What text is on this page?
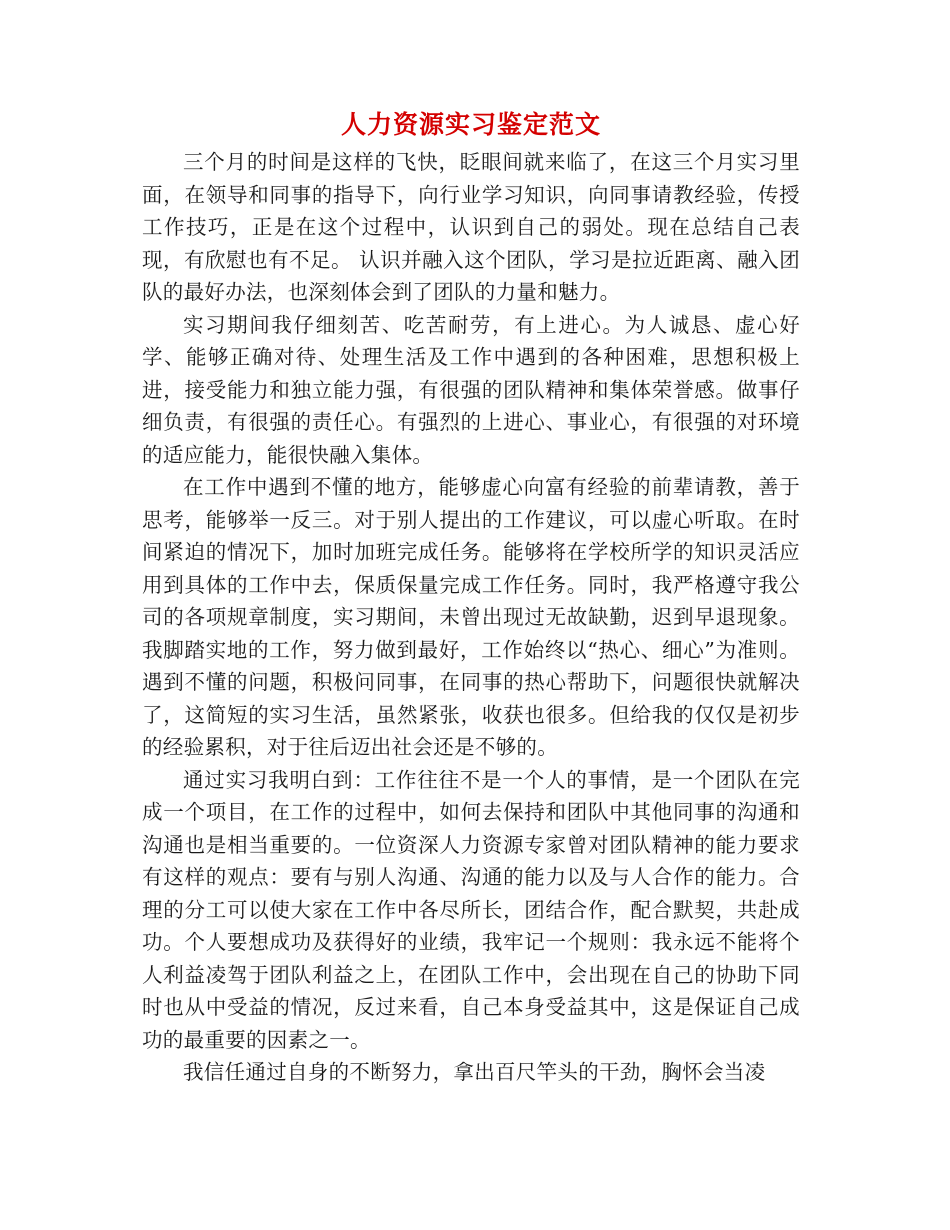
人力资源实习鉴定范文

三个月的时间是这样的飞快，眨眼间就来临了，在这三个月实习里面，在领导和同事的指导下，向行业学习知识，向同事请教经验，传授工作技巧，正是在这个过程中，认识到自己的弱处。现在总结自己表现，有欣慰也有不足。 认识并融入这个团队，学习是拉近距离、融入团队的最好办法，也深刻体会到了团队的力量和魅力。

实习期间我仔细刻苦、吃苦耐劳，有上进心。为人诚恳、虚心好学、能够正确对待、处理生活及工作中遇到的各种困难，思想积极上进，接受能力和独立能力强，有很强的团队精神和集体荣誉感。做事仔细负责，有很强的责任心。有强烈的上进心、事业心，有很强的对环境的适应能力，能很快融入集体。

在工作中遇到不懂的地方，能够虚心向富有经验的前辈请教，善于思考，能够举一反三。对于别人提出的工作建议，可以虚心听取。在时间紧迫的情况下，加时加班完成任务。能够将在学校所学的知识灵活应用到具体的工作中去，保质保量完成工作任务。同时，我严格遵守我公司的各项规章制度，实习期间，未曾出现过无故缺勤，迟到早退现象。我脚踏实地的工作，努力做到最好，工作始终以“热心、细心”为准则。遇到不懂的问题，积极问同事，在同事的热心帮助下，问题很快就解决了，这简短的实习生活，虽然紧张，收获也很多。但给我的仅仅是初步的经验累积，对于往后迈出社会还是不够的。

通过实习我明白到：工作往往不是一个人的事情，是一个团队在完成一个项目，在工作的过程中，如何去保持和团队中其他同事的沟通和沟通也是相当重要的。一位资深人力资源专家曾对团队精神的能力要求有这样的观点：要有与别人沟通、沟通的能力以及与人合作的能力。合理的分工可以使大家在工作中各尽所长，团结合作，配合默契，共赴成功。个人要想成功及获得好的业绩，我牢记一个规则：我永远不能将个人利益凌驾于团队利益之上，在团队工作中，会出现在自己的协助下同时也从中受益的情况，反过来看，自己本身受益其中，这是保证自己成功的最重要的因素之一。

我信任通过自身的不断努力，拿出百尺竿头的干劲，胸怀会当凌
